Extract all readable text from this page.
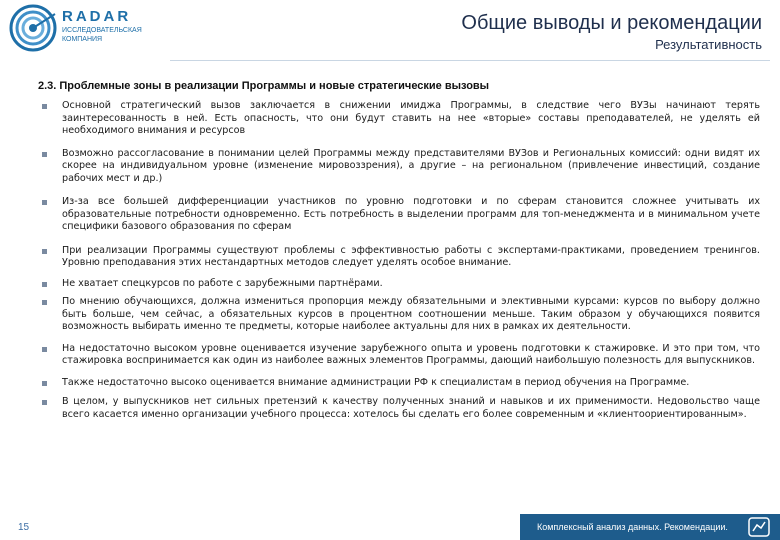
RADAR
ИССЛЕДОВАТЕЛЬСКАЯ КОМПАНИЯ
Общие выводы и рекомендации
Результативность
2.3. Проблемные зоны в реализации Программы и новые стратегические вызовы
Основной стратегический вызов заключается в снижении имиджа Программы, в следствие чего ВУЗы начинают терять заинтересованность в ней. Есть опасность, что они будут ставить на нее «вторые» составы преподавателей, не уделять ей необходимого внимания и ресурсов
Возможно рассогласование в понимании целей Программы между представителями ВУЗов и Региональных комиссий: одни видят их скорее на индивидуальном уровне (изменение мировоззрения), а другие – на региональном (привлечение инвестиций, создание рабочих мест и др.)
Из-за все большей дифференциации участников по уровню подготовки и по сферам становится сложнее учитывать их образовательные потребности одновременно. Есть потребность в выделении программ для топ-менеджмента и в минимальном учете специфики базового образования по сферам
При реализации Программы существуют проблемы с эффективностью работы с экспертами-практиками, проведением тренингов. Уровню преподавания этих нестандартных методов следует уделять особое внимание.
Не хватает спецкурсов по работе с зарубежными партнёрами.
По мнению обучающихся, должна измениться пропорция между обязательными и элективными курсами: курсов по выбору должно быть больше, чем сейчас, а обязательных курсов в процентном соотношении меньше. Таким образом у обучающихся появится возможность выбирать именно те предметы, которые наиболее актуальны для них в рамках их деятельности.
На недостаточно высоком уровне оценивается изучение зарубежного опыта и уровень подготовки к стажировке. И это при том, что стажировка воспринимается как один из наиболее важных элементов Программы, дающий наибольшую полезность для выпускников.
Также недостаточно высоко оценивается внимание администрации РФ к специалистам в период обучения на Программе.
В целом, у выпускников нет сильных претензий к качеству полученных знаний и навыков и их применимости. Недовольство чаще всего касается именно организации учебного процесса: хотелось бы сделать его более современным и «клиентоориентированным».
15	Комплексный анализ данных. Рекомендации.
